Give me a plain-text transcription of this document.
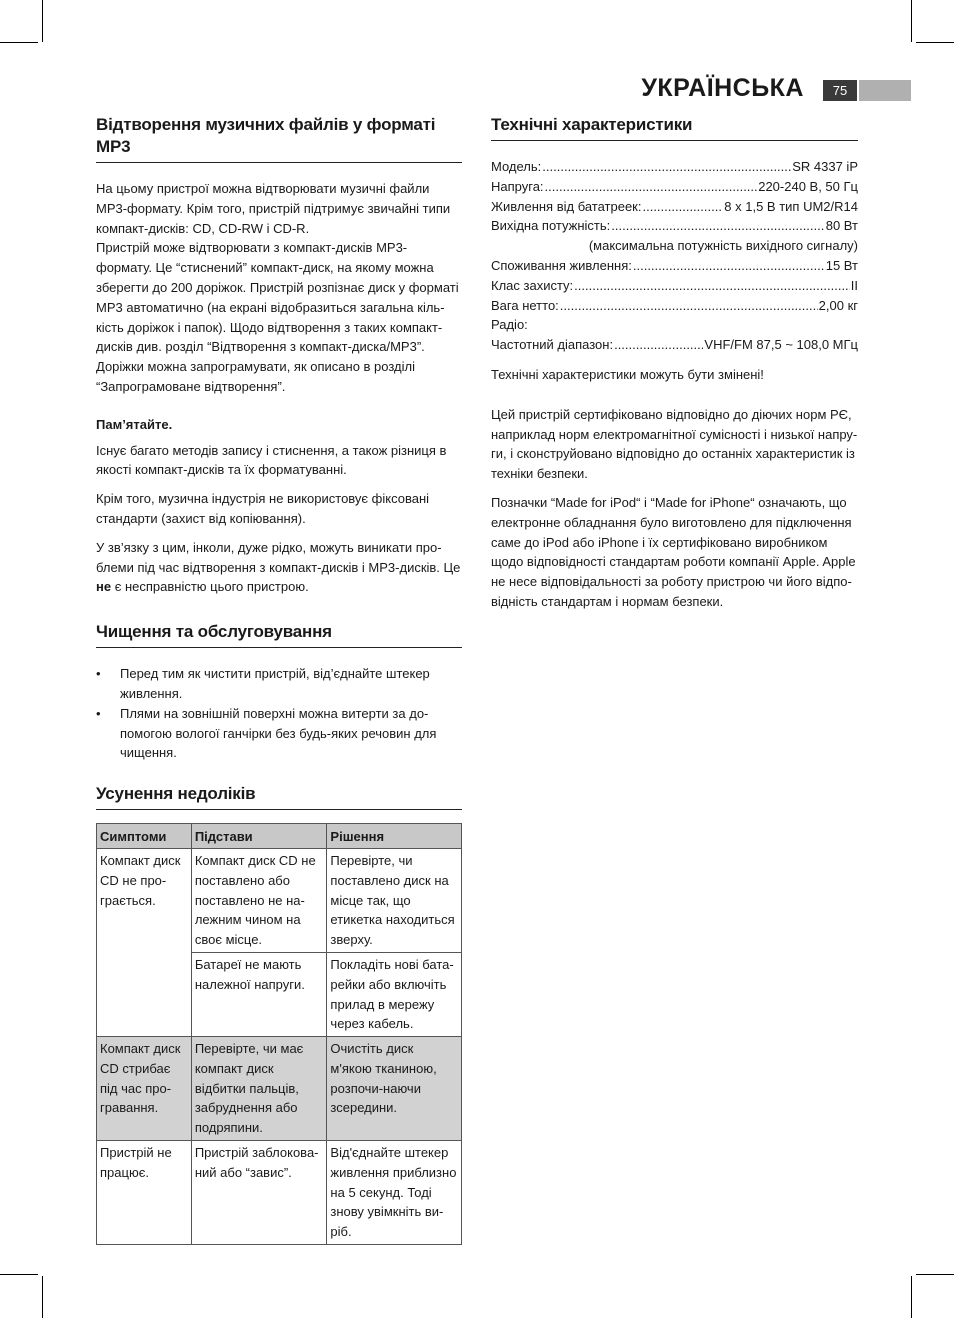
УКРАЇНСЬКА	75
Відтворення музичних файлів у форматі MP3

На цьому пристрої можна відтворювати музичні файли MP3-формату. Крім того, пристрій підтримує звичайні типи компакт-дисків: CD, CD-RW і CD-R.

Пристрій може відтворювати з компакт-дисків MP3-формату. Це “стиснений” компакт-диск, на якому можна зберегти до 200 доріжок. Пристрій розпізнає диск у форматі MP3 автоматично (на екрані відобразиться загальна кіль-кість доріжок і папок). Щодо відтворення з таких компакт-дисків див. розділ “Відтворення з компакт-диска/MP3”. Доріжки можна запрограмувати, як описано в розділі “Запрограмоване відтворення”.

Пам’ятайте.

Існує багато методів запису і стиснення, а також різниця в якості компакт-дисків та їх форматуванні.

Крім того, музична індустрія не використовує фіксовані стандарти (захист від копіювання).

У зв’язку з цим, інколи, дуже рідко, можуть виникати про-блеми під час відтворення з компакт-дисків і MP3-дисків. Це не є несправністю цього пристрою.

Чищення та обслуговування
• Перед тим як чистити пристрій, від’єднайте штекер живлення.
• Плями на зовнішній поверхні можна витерти за до-помогою вологої ганчірки без будь-яких речовин для чищення.
Усунення недоліків
Симптоми	Підстави	Рішення
Компакт диск CD не про-грається.	Компакт диск CD не поставлено або поставлено не на-лежним чином на своє місце.	Перевірте, чи поставлено диск на місце так, що етикетка находиться зверху.
	Батареї не мають належної напруги.	Покладіть нові бата-рейки або включіть прилад в мережу через кабель.
Компакт диск CD стрибає під час про-гравання.	Перевірте, чи має компакт диск відбитки пальців, забруднення або подряпини.	Очистіть диск м'якою тканиною, розпочи-наючи зсередини.
Пристрій не працює.	Пристрій заблокова-ний або “завис”.	Від'єднайте штекер живлення приблизно на 5 секунд. Тоді знову увімкніть ви-ріб.
Технічні характеристики
Модель: .....	SR 4337 iP
Напруга: .....	220-240 В, 50 Гц
Живлення від бататреек: .....	8 x 1,5 В тип UM2/R14
Вихідна потужність: .....	80 Вт
(максимальна потужність вихідного сигналу)
Споживання живлення: .....	15 Вт
Клас захисту: .....	II
Вага нетто: .....	2,00 кг
Радіо:
Частотний діапазон: .....	VHF/FM 87,5 ~ 108,0 МГц

Технічні характеристики можуть бути змінені!

Цей пристрій сертифіковано відповідно до діючих норм РЄ, наприклад норм електромагнітної сумісності і низької напру-ги, і сконструйовано відповідно до останніх характеристик із техніки безпеки.

Позначки “Made for iPod“ і “Made for iPhone“ означають, що електронне обладнання було виготовлено для підключення саме до iPod або iPhone і їх сертифіковано виробником щодо відповідності стандартам роботи компанії Apple. Apple не несе відповідальності за роботу пристрою чи його відпо-відність стандартам і нормам безпеки.
